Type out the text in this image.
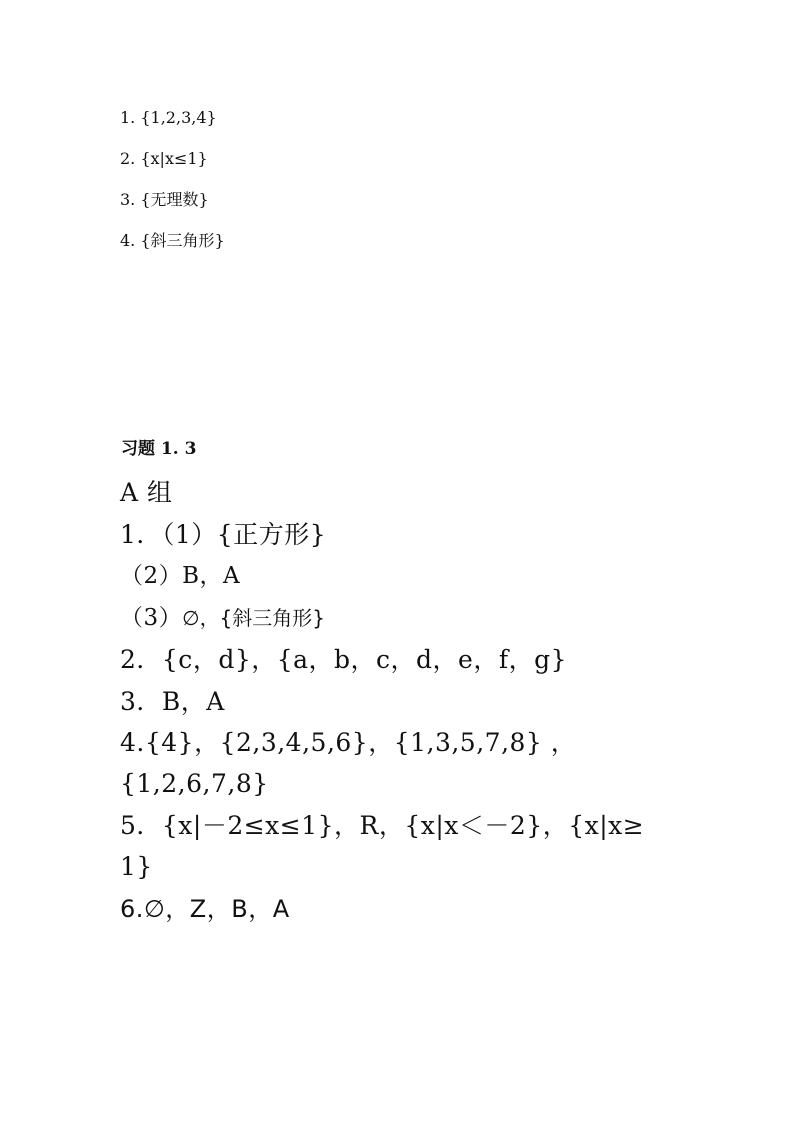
1. {1,2,3,4}
2. {x|x≤1}
3. {无理数}
4. {斜三角形}
习题 1. 3
A 组
1．（1）{正方形}
（2）B，A
（3）∅，{斜三角形}
2．{c，d}，{a，b，c，d，e，f，g}
3．B，A
4.{4}，{2,3,4,5,6}，{1,3,5,7,8} ，
{1,2,6,7,8}
5．{x|－2≤x≤1}，R，{x|x＜－2}，{x|x≥
1}
6.∅，Z，B，A
